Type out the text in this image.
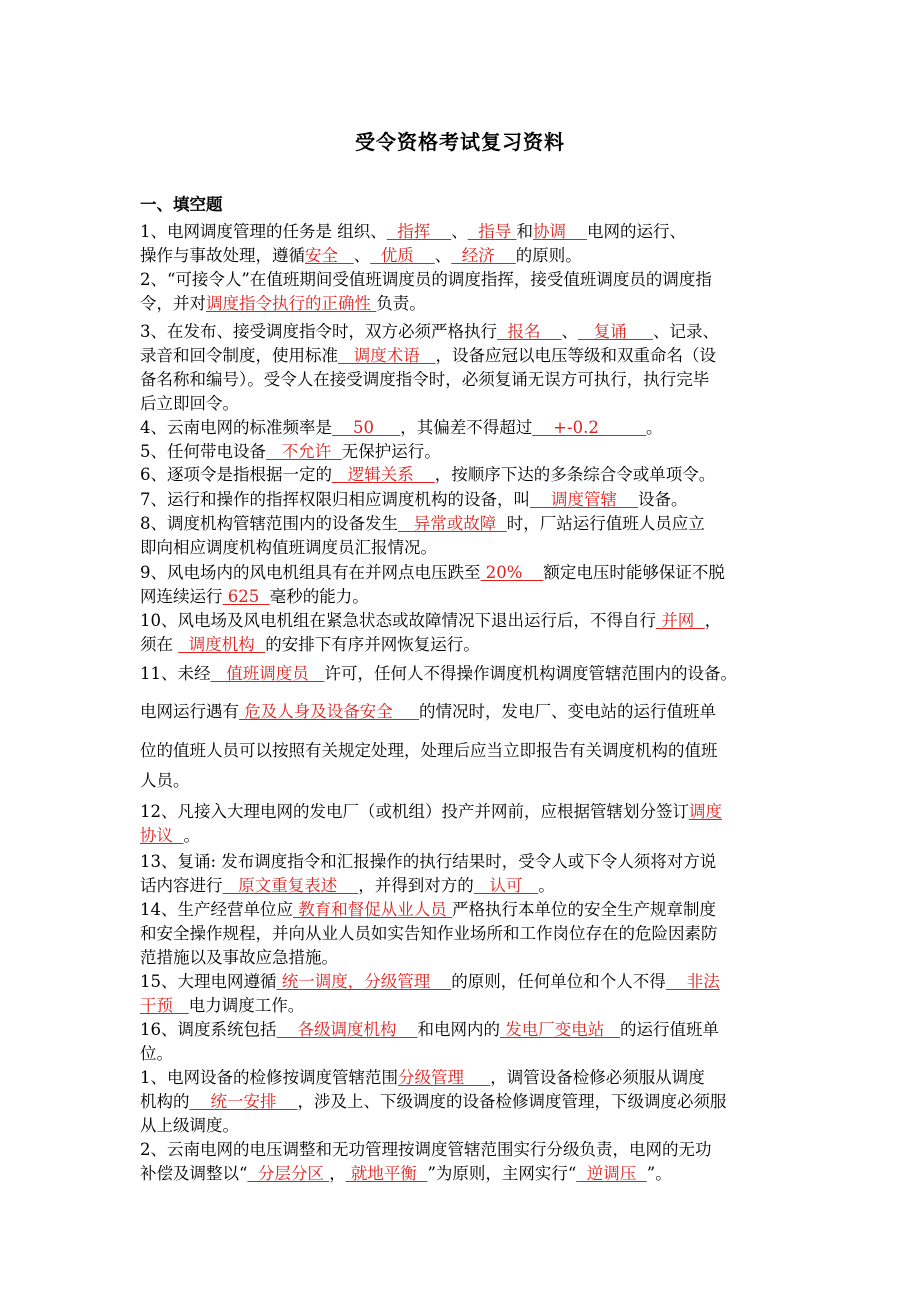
受令资格考试复习资料
一、填空题
1、电网调度管理的任务是 组织、  指挥    、  指导 和协调    电网的运行、
操作与事故处理，遵循安全   、  优质    、  经济    的原则。
2、“可接令人”在值班期间受值班调度员的调度指挥，接受值班调度员的调度指
令，并对调度指令执行的正确性 负责。
3、在发布、接受调度指令时，双方必须严格执行  报名    、   复诵     、记录、
录音和回令制度，使用标准   调度术语   ，设备应冠以电压等级和双重命名（设
备名称和编号）。受令人在接受调度指令时，必须复诵无误方可执行，执行完毕
后立即回令。
4、云南电网的标准频率是    50     ，其偏差不得超过    +-0.2         。
5、任何带电设备   不允许  无保护运行。
6、逐项令是指根据一定的   逻辑关系    ，按顺序下达的多条综合令或单项令。
7、运行和操作的指挥权限归相应调度机构的设备，叫    调度管辖    设备。
8、调度机构管辖范围内的设备发生   异常或故障  时，厂站运行值班人员应立
即向相应调度机构值班调度员汇报情况。
9、风电场内的风电机组具有在并网点电压跌至 20%    额定电压时能够保证不脱
网连续运行 625  毫秒的能力。
10、风电场及风电机组在紧急状态或故障情况下退出运行后，不得自行 并网  ，
须在   调度机构  的安排下有序并网恢复运行。
11、未经   值班调度员   许可，任何人不得操作调度机构调度管辖范围内的设备。
电网运行遇有 危及人身及设备安全     的情况时，发电厂、变电站的运行值班单
位的值班人员可以按照有关规定处理，处理后应当立即报告有关调度机构的值班
人员。
12、凡接入大理电网的发电厂（或机组）投产并网前，应根据管辖划分签订调度
协议  。
13、复诵: 发布调度指令和汇报操作的执行结果时，受令人或下令人须将对方说
话内容进行   原文重复表述    ，并得到对方的   认可   。
14、生产经营单位应 教育和督促从业人员 严格执行本单位的安全生产规章制度
和安全操作规程，并向从业人员如实告知作业场所和工作岗位存在的危险因素防
范措施以及事故应急措施。
15、大理电网遵循 统一调度，分级管理    的原则，任何单位和个人不得    非法
干预   电力调度工作。
16、调度系统包括    各级调度机构    和电网内的 发电厂变电站   的运行值班单
位。
1、电网设备的检修按调度管辖范围分级管理     ，调管设备检修必须服从调度
机构的    统一安排    ，涉及上、下级调度的设备检修调度管理，下级调度必须服
从上级调度。
2、云南电网的电压调整和无功管理按调度管辖范围实行分级负责，电网的无功
补偿及调整以“  分层分区 ， 就地平衡  ”为原则，主网实行“  逆调压  ”。
